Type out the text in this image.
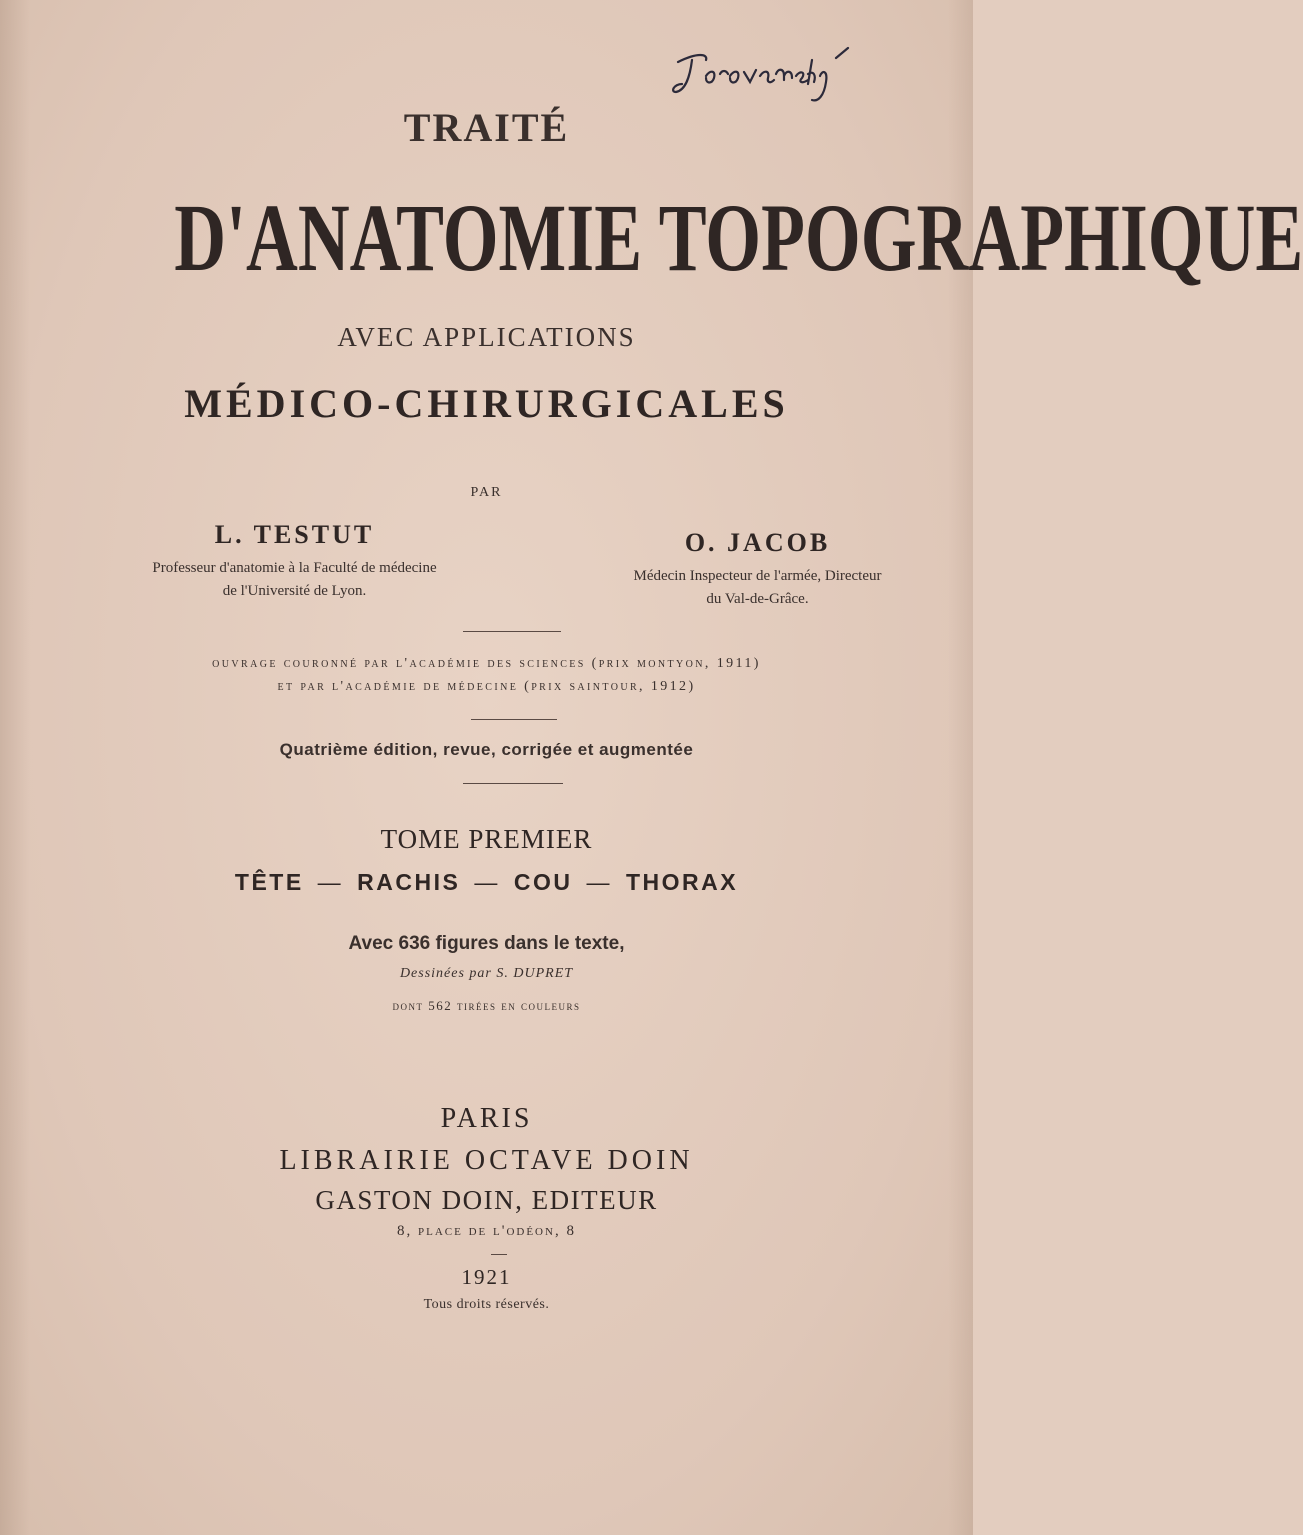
TRAITÉ
D'ANATOMIE TOPOGRAPHIQUE
AVEC APPLICATIONS
MÉDICO-CHIRURGICALES
PAR
L. TESTUT
Professeur d'anatomie à la Faculté de médecine
de l'Université de Lyon.
O. JACOB
Médecin Inspecteur de l'armée, Directeur
du Val-de-Grâce.
ouvrage couronné par l'académie des sciences (prix montyon, 1911)
et par l'académie de médecine (prix saintour, 1912)
Quatrième édition, revue, corrigée et augmentée
TOME PREMIER
TÊTE — RACHIS — COU — THORAX
Avec 636 figures dans le texte,
Dessinées par S. DUPRET
dont 562 tirées en couleurs
PARIS
LIBRAIRIE OCTAVE DOIN
GASTON DOIN, EDITEUR
8, place de l'odéon, 8
1921
Tous droits réservés.
